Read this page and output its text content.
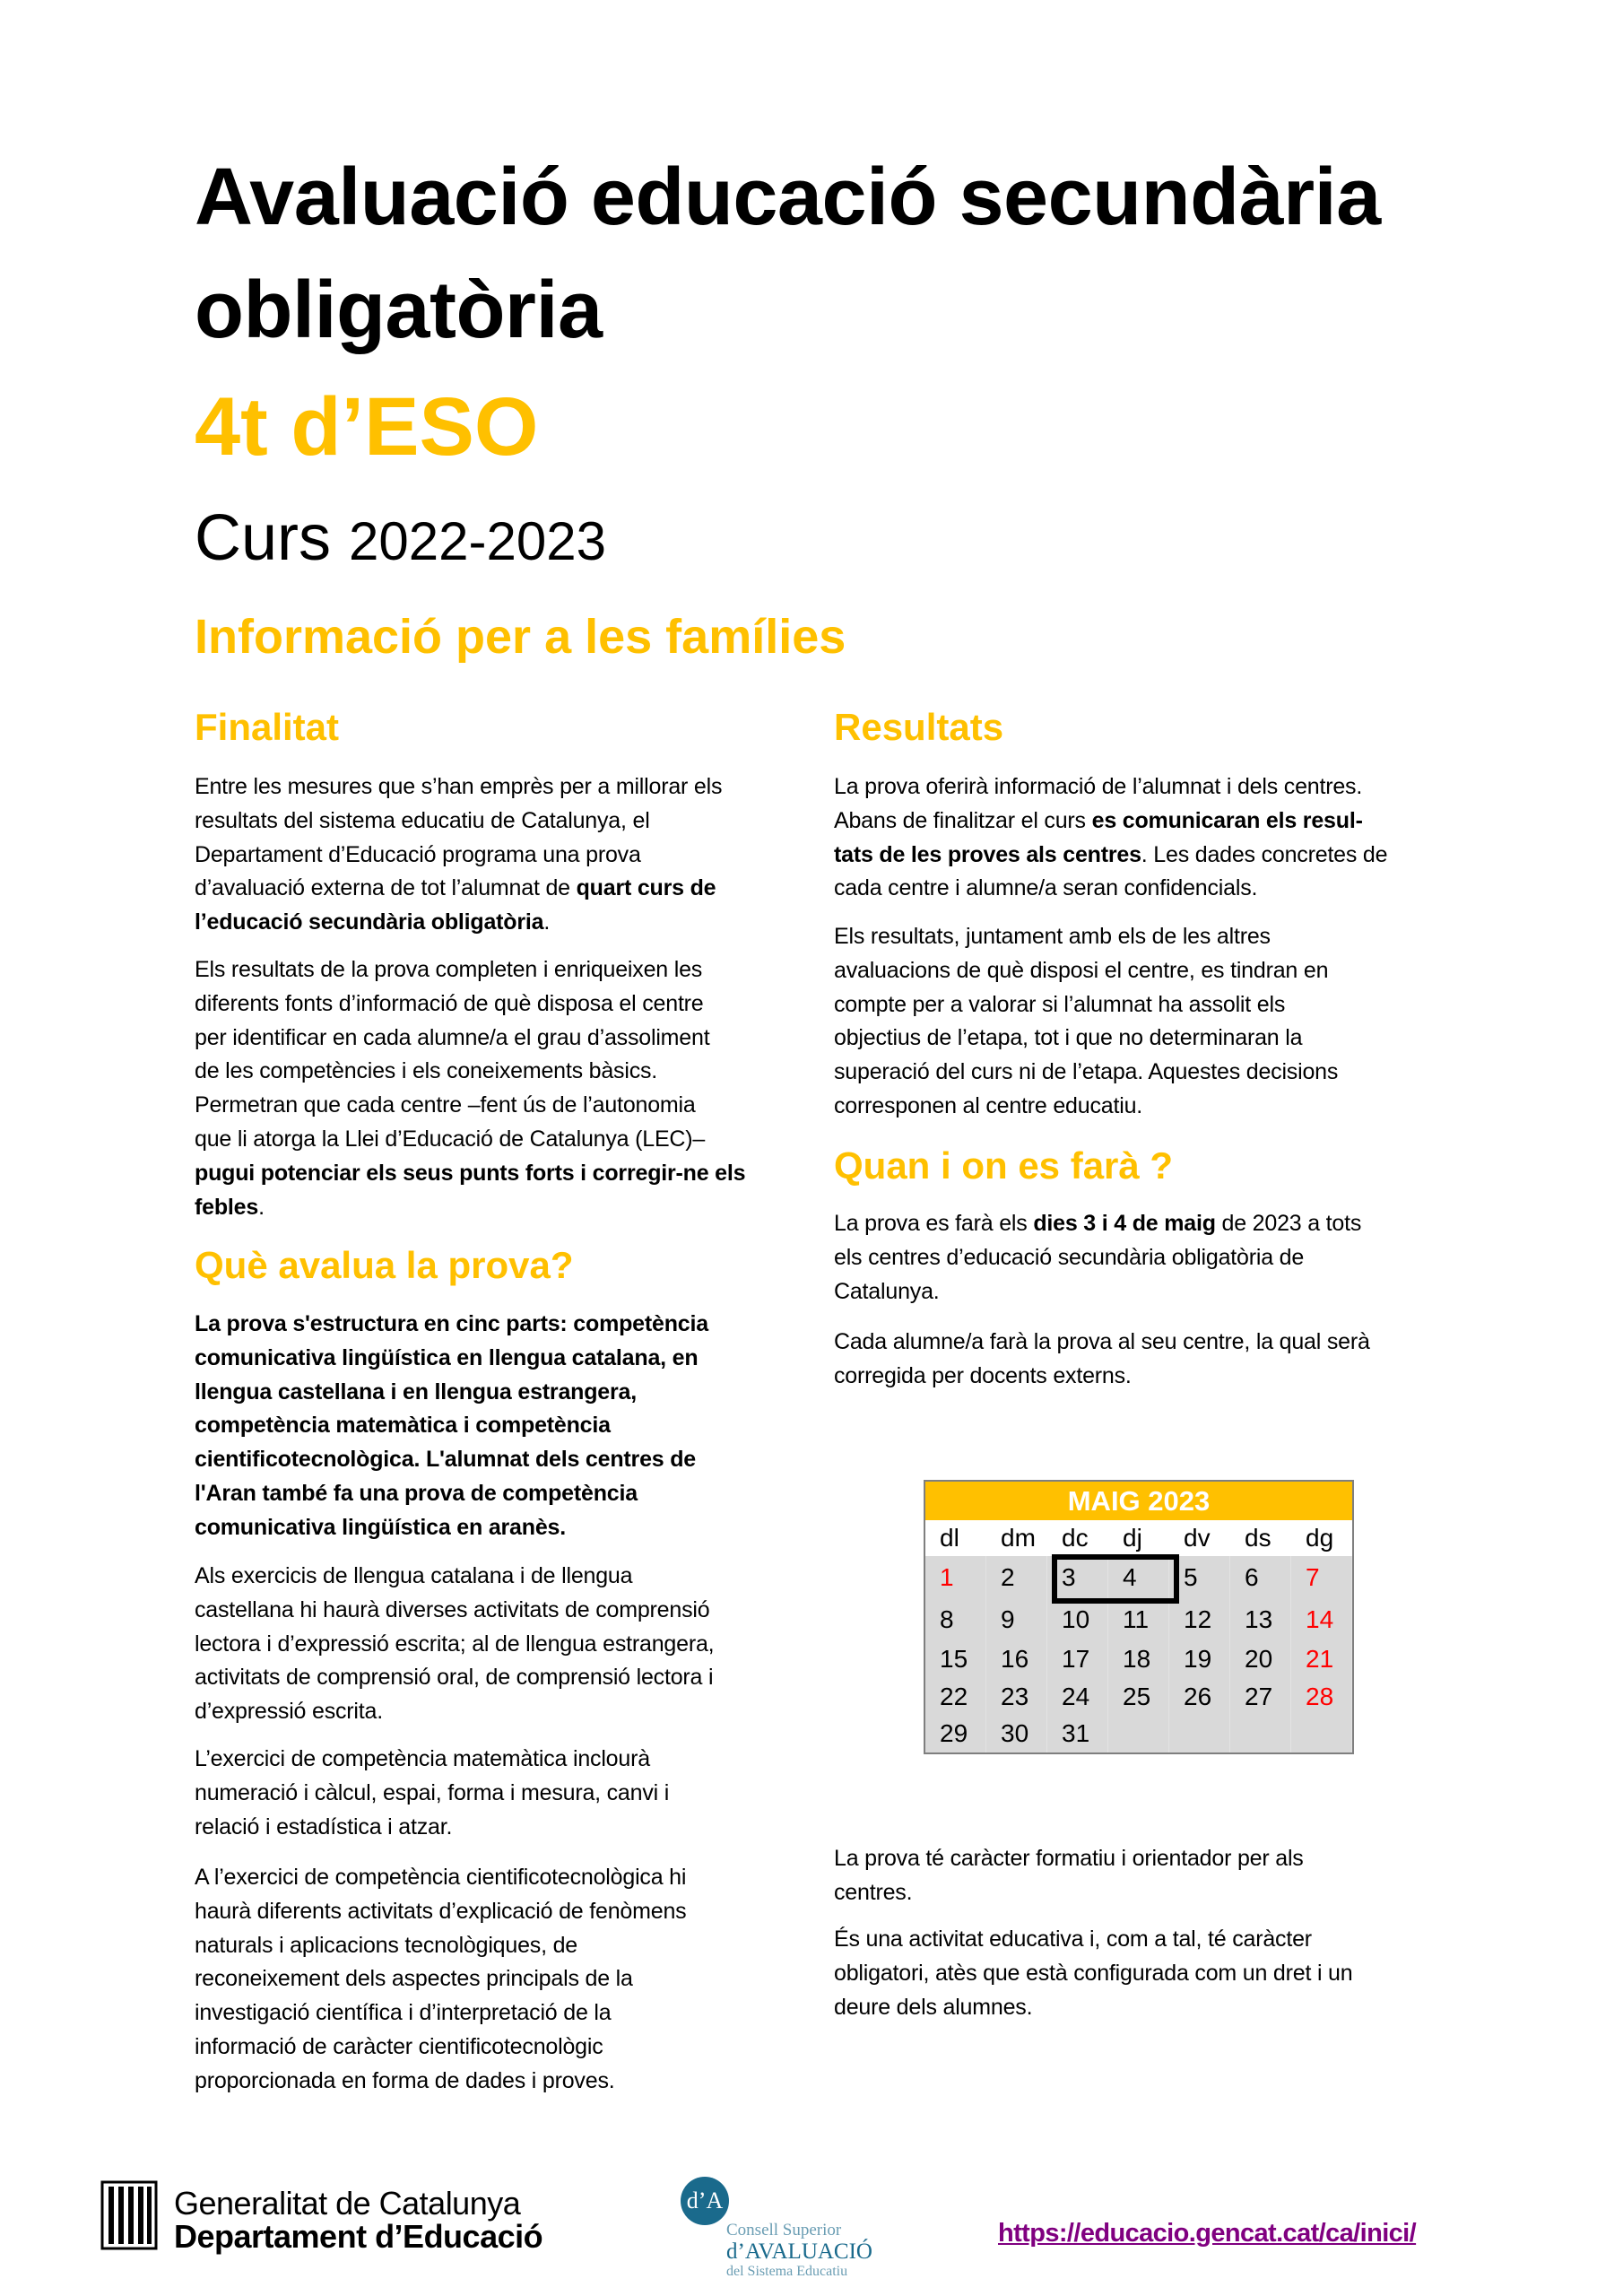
Avaluació educació secundària
obligatòria
4t d’ESO
Curs 2022-2023
Informació per a les famílies
Finalitat
Entre les mesures que s’han emprès per a millorar els
resultats del sistema educatiu de Catalunya, el
Departament d’Educació programa una prova
d’avaluació externa de tot l’alumnat de quart curs de
l’educació secundària obligatòria.
Els resultats de la prova completen i enriqueixen les
diferents fonts d’informació de què disposa el centre
per identificar en cada alumne/a el grau d’assoliment
de les competències i els coneixements bàsics.
Permetran que cada centre –fent ús de l’autonomia
que li atorga la Llei d’Educació de Catalunya (LEC)–
pugui potenciar els seus punts forts i corregir-ne els
febles.
Què avalua la prova?
La prova s'estructura en cinc parts: competència
comunicativa lingüística en llengua catalana, en
llengua castellana i en llengua estrangera,
competència matemàtica i competència
cientificotecnològica. L'alumnat dels centres de
l'Aran també fa una prova de competència
comunicativa lingüística en aranès.
Als exercicis de llengua catalana i de llengua
castellana hi haurà diverses activitats de comprensió
lectora i d’expressió escrita; al de llengua estrangera,
activitats de comprensió oral, de comprensió lectora i
d’expressió escrita.
L’exercici de competència matemàtica inclourà
numeració i càlcul, espai, forma i mesura, canvi i
relació i estadística i atzar.
A l’exercici de competència cientificotecnològica hi
haurà diferents activitats d’explicació de fenòmens
naturals i aplicacions tecnològiques, de
reconeixement dels aspectes principals de la
investigació científica i d’interpretació de la
informació de caràcter cientificotecnològic
proporcionada en forma de dades i proves.
Resultats
La prova oferirà informació de l’alumnat i dels centres.
Abans de finalitzar el curs es comunicaran els resul-
tats de les proves als centres. Les dades concretes de
cada centre i alumne/a seran confidencials.
Els resultats, juntament amb els de les altres
avaluacions de què disposi el centre, es tindran en
compte per a valorar si l’alumnat ha assolit els
objectius de l’etapa, tot i que no determinaran la
superació del curs ni de l’etapa. Aquestes decisions
corresponen al centre educatiu.
Quan i on es farà ?
La prova es farà els dies 3 i 4 de maig de 2023 a tots
els centres d’educació secundària obligatòria de
Catalunya.
Cada alumne/a farà la prova al seu centre, la qual serà
corregida per docents externs.
MAIG 2023
dl	dm	dc	dj	dv	ds	dg
1	2	3	4	5	6	7
8	9	10	11	12	13	14
15	16	17	18	19	20	21
22	23	24	25	26	27	28
29	30	31
La prova té caràcter formatiu i orientador per als
centres.
És una activitat educativa i, com a tal, té caràcter
obligatori, atès que està configurada com un dret i un
deure dels alumnes.
Generalitat de Catalunya
Departament d’Educació
d’A
Consell Superior
d’AVALUACIÓ
del Sistema Educatiu
https://educacio.gencat.cat/ca/inici/
